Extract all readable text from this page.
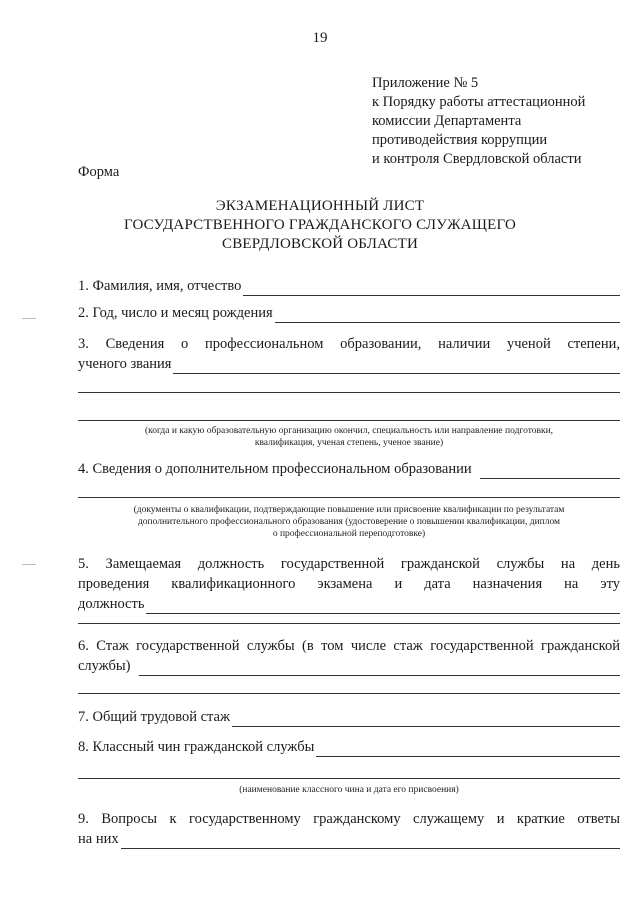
19
Приложение № 5
к Порядку работы аттестационной
комиссии Департамента
противодействия коррупции
и контроля Свердловской области
Форма
ЭКЗАМЕНАЦИОННЫЙ ЛИСТ
ГОСУДАРСТВЕННОГО ГРАЖДАНСКОГО СЛУЖАЩЕГО
СВЕРДЛОВСКОЙ ОБЛАСТИ
1. Фамилия, имя, отчество
2. Год, число и месяц рождения
3. Сведения о профессиональном образовании, наличии ученой степени,
ученого звания
(когда и какую образовательную организацию окончил, специальность или направление подготовки,
квалификация, ученая степень, ученое звание)
4. Сведения о дополнительном профессиональном образовании
(документы о квалификации, подтверждающие повышение или присвоение квалификации по результатам
дополнительного профессионального образования (удостоверение о повышении квалификации, диплом
о профессиональной переподготовке)
5. Замещаемая должность государственной гражданской службы на день
проведения квалификационного экзамена и дата назначения на эту
должность
6. Стаж государственной службы (в том числе стаж государственной гражданской
службы)
7. Общий трудовой стаж
8. Классный чин гражданской службы
(наименование классного чина и дата его присвоения)
9. Вопросы к государственному гражданскому служащему и краткие ответы
на них
